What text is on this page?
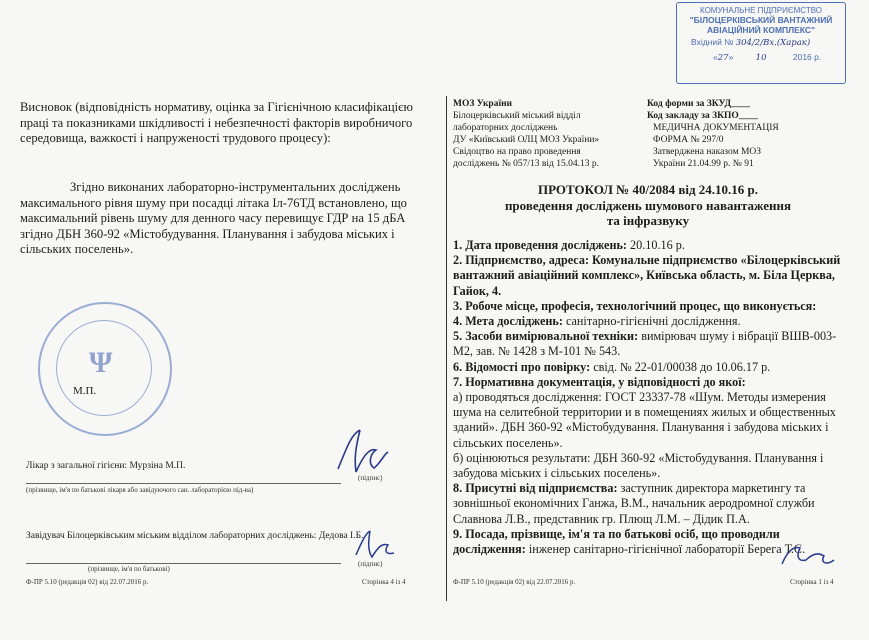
КОМУНАЛЬНЕ ПІДПРИЄМСТВО
"БІЛОЦЕРКІВСЬКИЙ ВАНТАЖНИЙ
АВІАЦІЙНИЙ КОМПЛЕКС"
Вхідний № 304/2/Вх.(Харак)
«27» 10	2016 р.
Висновок (відповідність нормативу, оцінка за Гігієнічною класифікацією праці та показниками шкідливості і небезпечності факторів виробничого середовища, важкості і напруженості трудового процесу):
Згідно виконаних лабораторно-інструментальних досліджень максимального рівня шуму при посадці літака Іл-76ТД встановлено, що максимальний рівень шуму для денного часу перевищує ГДР на 15 дБА згідно ДБН 360-92 «Містобудування. Планування і забудова міських і сільських поселень».
Ψ
М.П.
Лікар з загальної гігієни: Мурзіна М.П.
(прізвище, ім'я по батькові лікаря або завідуючого сан. лабораторією під-ва)
(підпис)
Завідувач Білоцерківським міським відділом лабораторних досліджень: Дедова І.Б.
(прізвище, ім'я по батькові)
(підпис)
Ф-ПР 5.10 (редакція 02) від 22.07.2016 р.	Сторінка 4 із 4
МОЗ України
Білоцерківський міський відділ
лабораторних досліджень
ДУ «Київський ОЛЦ МОЗ України»
Свідоцтво на право проведення
досліджень № 057/13 від 15.04.13 р.
Код форми за ЗКУД____
Код закладу за ЗКПО____
МЕДИЧНА ДОКУМЕНТАЦІЯ
ФОРМА № 297/0
Затверджена наказом МОЗ
України 21.04.99 р. № 91
ПРОТОКОЛ № 40/2084 від 24.10.16 р.
проведення досліджень шумового навантаження
та інфразвуку
1. Дата проведення досліджень: 20.10.16 р.
2. Підприємство, адреса: Комунальне підприємство «Білоцерківський вантажний авіаційний комплекс», Київська область, м. Біла Церква, Гайок, 4.
3. Робоче місце, професія, технологічний процес, що виконується:
4. Мета досліджень: санітарно-гігієнічні дослідження.
5. Засоби вимірювальної техніки: вимірювач шуму і вібрації ВШВ-003-М2, зав. № 1428 з М-101 № 543.
6. Відомості про повірку: свід. № 22-01/00038 до 10.06.17 р.
7. Нормативна документація, у відповідності до якої:
а) проводяться дослідження: ГОСТ 23337-78 «Шум. Методы измерения шума на селитебной территории и в помещениях жилых и общественных зданий». ДБН 360-92 «Містобудування. Планування і забудова міських і сільських поселень».
б) оцінюються результати: ДБН 360-92 «Містобудування. Планування і забудова міських і сільських поселень».
8. Присутні від підприємства: заступник директора маркетингу та зовнішньої економічних Ганжа, В.М., начальник аеродромної служби Славнова Л.В., представник гр. Плющ Л.М. – Дідик П.А.
9. Посада, прізвище, ім'я та по батькові осіб, що проводили дослідження: інженер санітарно-гігієнічної лабораторії Берега Т.С.
Ф-ПР 5.10 (редакція 02) від 22.07.2016 р.	Сторінка 1 із 4
